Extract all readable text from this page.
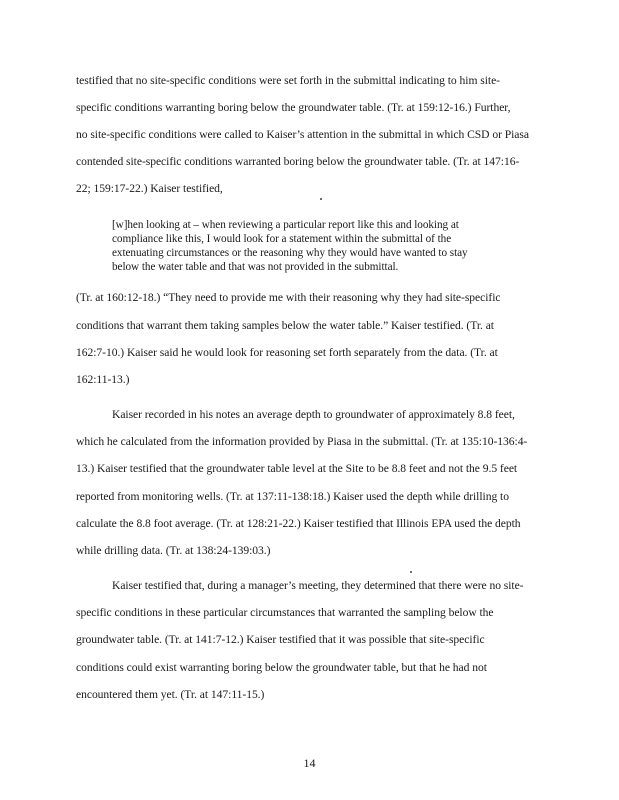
testified that no site-specific conditions were set forth in the submittal indicating to him site-
specific conditions warranting boring below the groundwater table. (Tr. at 159:12-16.) Further,
no site-specific conditions were called to Kaiser’s attention in the submittal in which CSD or Piasa
contended site-specific conditions warranted boring below the groundwater table. (Tr. at 147:16-
22; 159:17-22.) Kaiser testified,
[w]hen looking at – when reviewing a particular report like this and looking at
compliance like this, I would look for a statement within the submittal of the
extenuating circumstances or the reasoning why they would have wanted to stay
below the water table and that was not provided in the submittal.
(Tr. at 160:12-18.) “They need to provide me with their reasoning why they had site-specific
conditions that warrant them taking samples below the water table.” Kaiser testified. (Tr. at
162:7-10.) Kaiser said he would look for reasoning set forth separately from the data. (Tr. at
162:11-13.)
Kaiser recorded in his notes an average depth to groundwater of approximately 8.8 feet,
which he calculated from the information provided by Piasa in the submittal. (Tr. at 135:10-136:4-
13.) Kaiser testified that the groundwater table level at the Site to be 8.8 feet and not the 9.5 feet
reported from monitoring wells. (Tr. at 137:11-138:18.) Kaiser used the depth while drilling to
calculate the 8.8 foot average. (Tr. at 128:21-22.) Kaiser testified that Illinois EPA used the depth
while drilling data. (Tr. at 138:24-139:03.)
Kaiser testified that, during a manager’s meeting, they determined that there were no site-
specific conditions in these particular circumstances that warranted the sampling below the
groundwater table. (Tr. at 141:7-12.) Kaiser testified that it was possible that site-specific
conditions could exist warranting boring below the groundwater table, but that he had not
encountered them yet. (Tr. at 147:11-15.)
14
